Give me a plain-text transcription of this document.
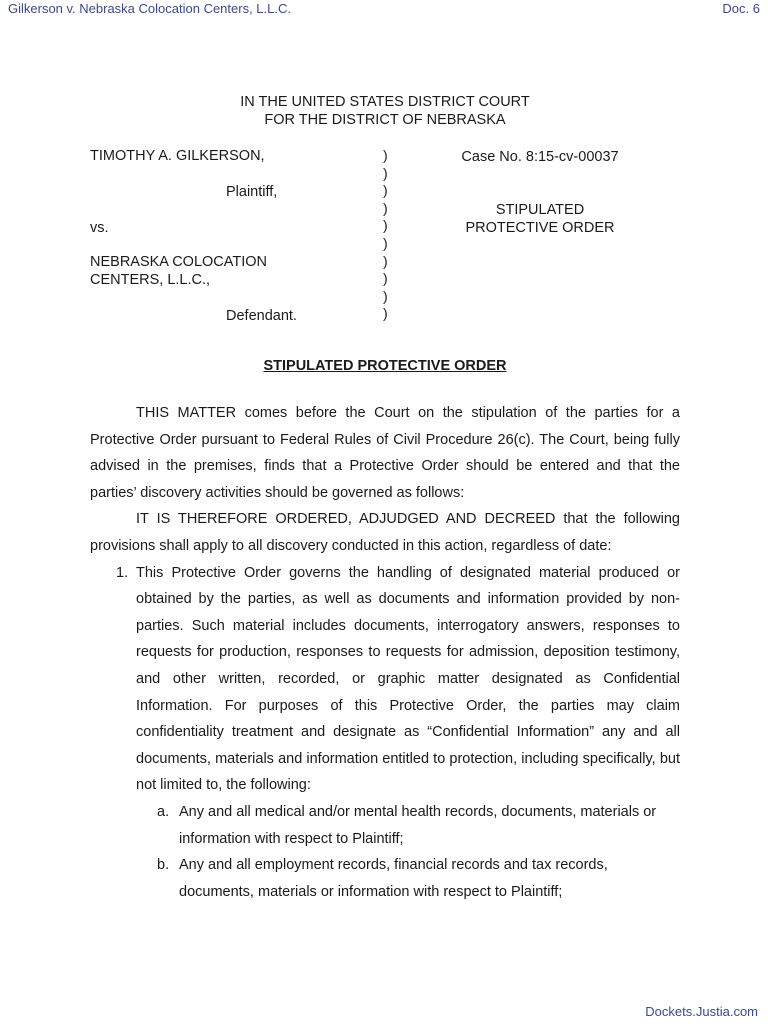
Gilkerson v. Nebraska Colocation Centers, L.L.C.	Doc. 6
IN THE UNITED STATES DISTRICT COURT
FOR THE DISTRICT OF NEBRASKA
TIMOTHY A. GILKERSON,
Plaintiff,
vs.
NEBRASKA COLOCATION
CENTERS, L.L.C.,
Defendant.
)
)
)
)
)
)
)
)
)
)
Case No. 8:15-cv-00037
STIPULATED
PROTECTIVE ORDER
STIPULATED PROTECTIVE ORDER

THIS MATTER comes before the Court on the stipulation of the parties for a Protective Order pursuant to Federal Rules of Civil Procedure 26(c). The Court, being fully advised in the premises, finds that a Protective Order should be entered and that the parties’ discovery activities should be governed as follows:

IT IS THEREFORE ORDERED, ADJUDGED AND DECREED that the following provisions shall apply to all discovery conducted in this action, regardless of date:

1. This Protective Order governs the handling of designated material produced or obtained by the parties, as well as documents and information provided by non-parties. Such material includes documents, interrogatory answers, responses to requests for production, responses to requests for admission, deposition testimony, and other written, recorded, or graphic matter designated as Confidential Information. For purposes of this Protective Order, the parties may claim confidentiality treatment and designate as “Confidential Information” any and all documents, materials and information entitled to protection, including specifically, but not limited to, the following:
a. Any and all medical and/or mental health records, documents, materials or information with respect to Plaintiff;
b. Any and all employment records, financial records and tax records, documents, materials or information with respect to Plaintiff;
Dockets.Justia.com
